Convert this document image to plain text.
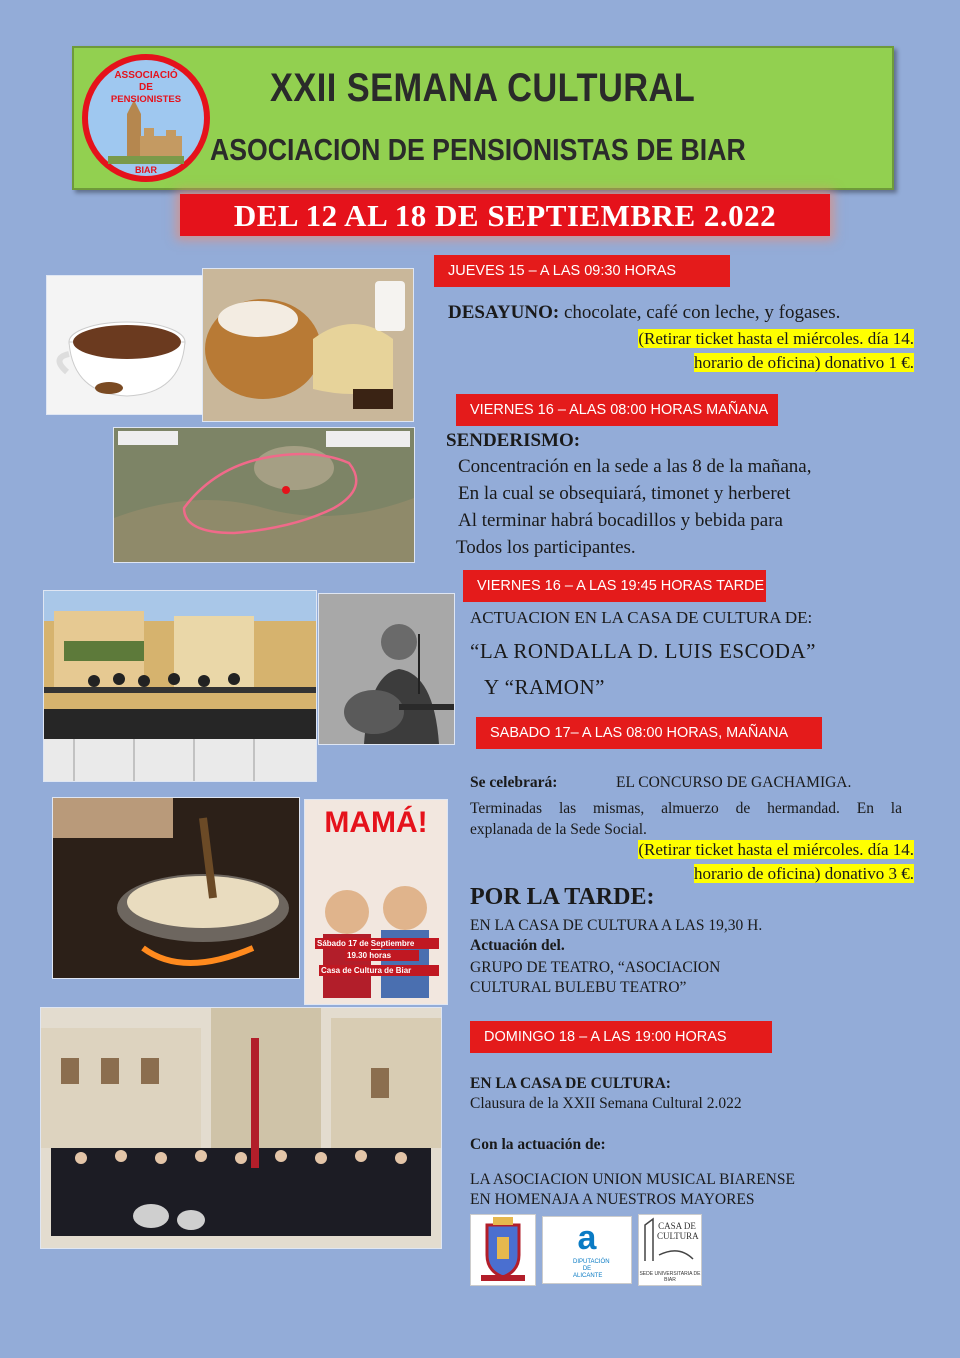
ASSOCIACIÓ
DE
PENSIONISTES
BIAR
XXII SEMANA CULTURAL
ASOCIACION DE PENSIONISTAS DE BIAR
DEL 12 AL 18 DE SEPTIEMBRE 2.022
JUEVES 15 – A LAS 09:30 HORAS
DESAYUNO: chocolate, café con leche, y fogases.
(Retirar ticket hasta el miércoles. día 14.
horario de oficina) donativo 1 €.
VIERNES 16 – ALAS 08:00 HORAS MAÑANA
SENDERISMO:
Concentración en la sede a las 8 de la mañana,
En la cual se obsequiará, timonet y herberet
Al terminar habrá bocadillos y bebida para
Todos los participantes.
VIERNES 16 – A LAS 19:45 HORAS TARDE
ACTUACION EN LA CASA DE CULTURA DE:
“LA RONDALLA D. LUIS ESCODA”
Y “RAMON”
SABADO 17– A LAS 08:00 HORAS, MAÑANA
MAMÁ!
Sábado 17 de Septiembre
19.30 horas
Casa de Cultura de Biar
Se celebrará:	EL CONCURSO DE GACHAMIGA.
Terminadas las mismas, almuerzo de hermandad. En la
explanada de la Sede Social.
(Retirar ticket hasta el miércoles. día 14.
horario de oficina) donativo 3 €.
POR LA TARDE:
EN LA CASA DE CULTURA A LAS 19,30 H.
Actuación del.
GRUPO DE TEATRO, “ASOCIACION
CULTURAL BULEBU TEATRO”
DOMINGO 18 – A LAS 19:00 HORAS
EN LA CASA DE CULTURA:
Clausura de la XXII Semana Cultural 2.022
Con la actuación de:
LA ASOCIACION UNION MUSICAL BIARENSE
EN HOMENAJA A NUESTROS MAYORES
a
DIPUTACIÓN DE ALICANTE
CASA DE CULTURA
SEDE UNIVERSITARIA DE BIAR
